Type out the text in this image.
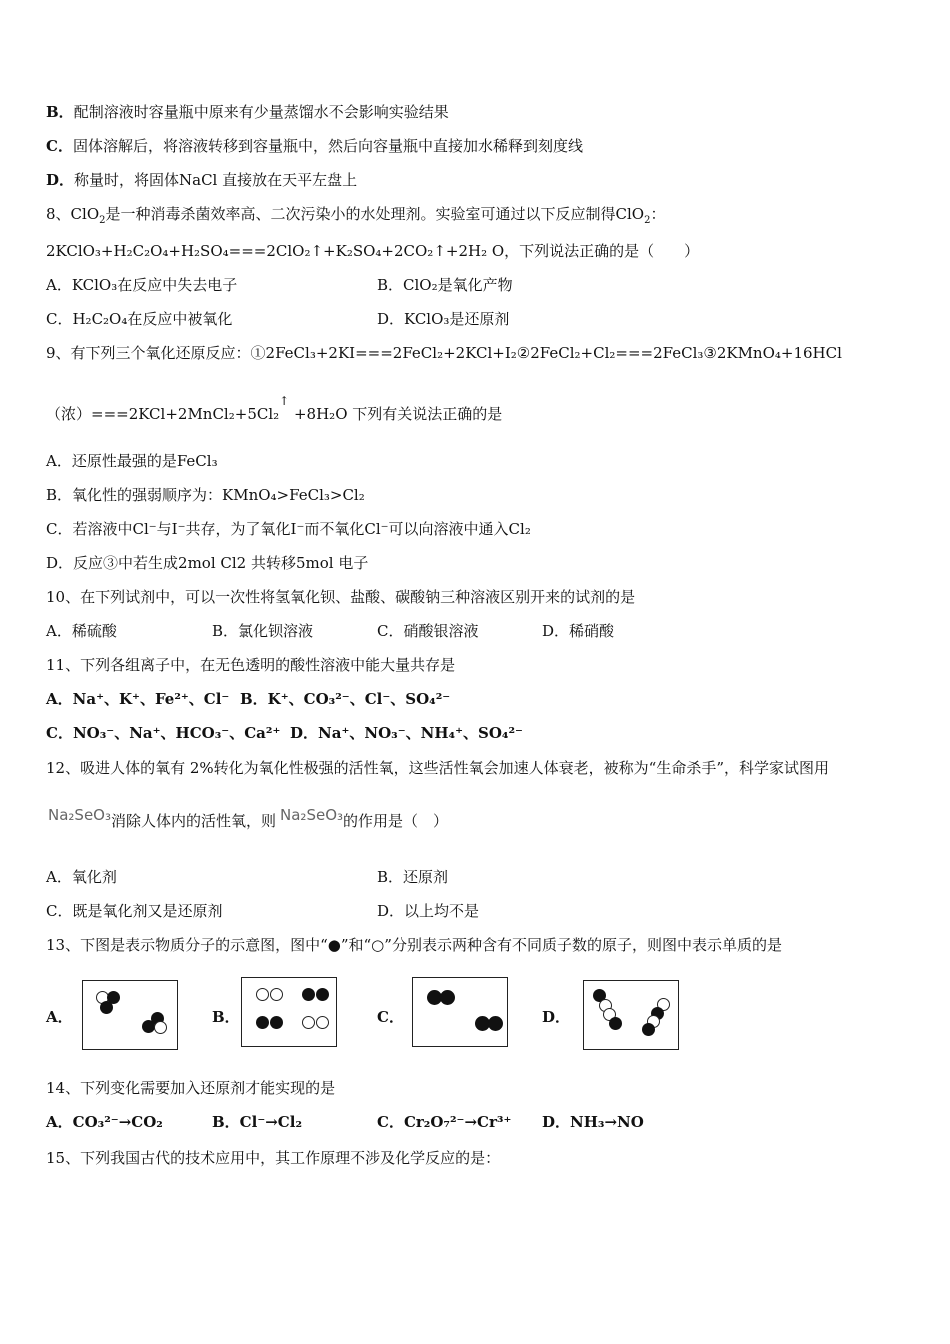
B．配制溶液时容量瓶中原来有少量蒸馏水不会影响实验结果
C．固体溶解后，将溶液转移到容量瓶中，然后向容量瓶中直接加水稀释到刻度线
D．称量时，将固体NaCl 直接放在天平左盘上
8、ClO$_2$是一种消毒杀菌效率高、二次污染小的水处理剂。实验室可通过以下反应制得ClO$_2$：
2KClO₃+H₂C₂O₄+H₂SO₄===2ClO₂↑+K₂SO₄+2CO₂↑+2H₂ O，下列说法正确的是（　　）
A．KClO₃在反应中失去电子	B．ClO₂是氧化产物
C．H₂C₂O₄在反应中被氧化	D．KClO₃是还原剂
9、有下列三个氧化还原反应：①2FeCl₃+2KI===2FeCl₂+2KCl+I₂②2FeCl₂+Cl₂===2FeCl₃③2KMnO₄+16HCl
（浓）===2KCl+2MnCl₂+5Cl₂↑ +8H₂O 下列有关说法正确的是
A．还原性最强的是FeCl₃
B．氧化性的强弱顺序为：KMnO₄>FeCl₃>Cl₂
C．若溶液中Cl⁻与I⁻共存，为了氧化I⁻而不氧化Cl⁻可以向溶液中通入Cl₂
D．反应③中若生成2mol Cl2 共转移5mol 电子
10、在下列试剂中，可以一次性将氢氧化钡、盐酸、碳酸钠三种溶液区别开来的试剂的是
A．稀硫酸	B．氯化钡溶液	C．硝酸银溶液	D．稀硝酸
11、下列各组离子中，在无色透明的酸性溶液中能大量共存是
A．Na⁺、K⁺、Fe²⁺、Cl⁻ B．K⁺、CO₃²⁻、Cl⁻、SO₄²⁻
C．NO₃⁻、Na⁺、HCO₃⁻、Ca²⁺ D．Na⁺、NO₃⁻、NH₄⁺、SO₄²⁻
12、吸进人体的氧有 2%转化为氧化性极强的活性氧，这些活性氧会加速人体衰老，被称为“生命杀手”，科学家试图用
Na₂SeO₃消除人体内的活性氧，则 Na₂SeO₃的作用是（　）
A．氧化剂	B．还原剂
C．既是氧化剂又是还原剂	D．以上均不是
13、下图是表示物质分子的示意图，图中“●”和“○”分别表示两种含有不同质子数的原子，则图中表示单质的是
A．	B．	C．	D．
14、下列变化需要加入还原剂才能实现的是
A．CO₃²⁻→CO₂	B．Cl⁻→Cl₂	C．Cr₂O₇²⁻→Cr³⁺ D．NH₃→NO
15、下列我国古代的技术应用中，其工作原理不涉及化学反应的是：
